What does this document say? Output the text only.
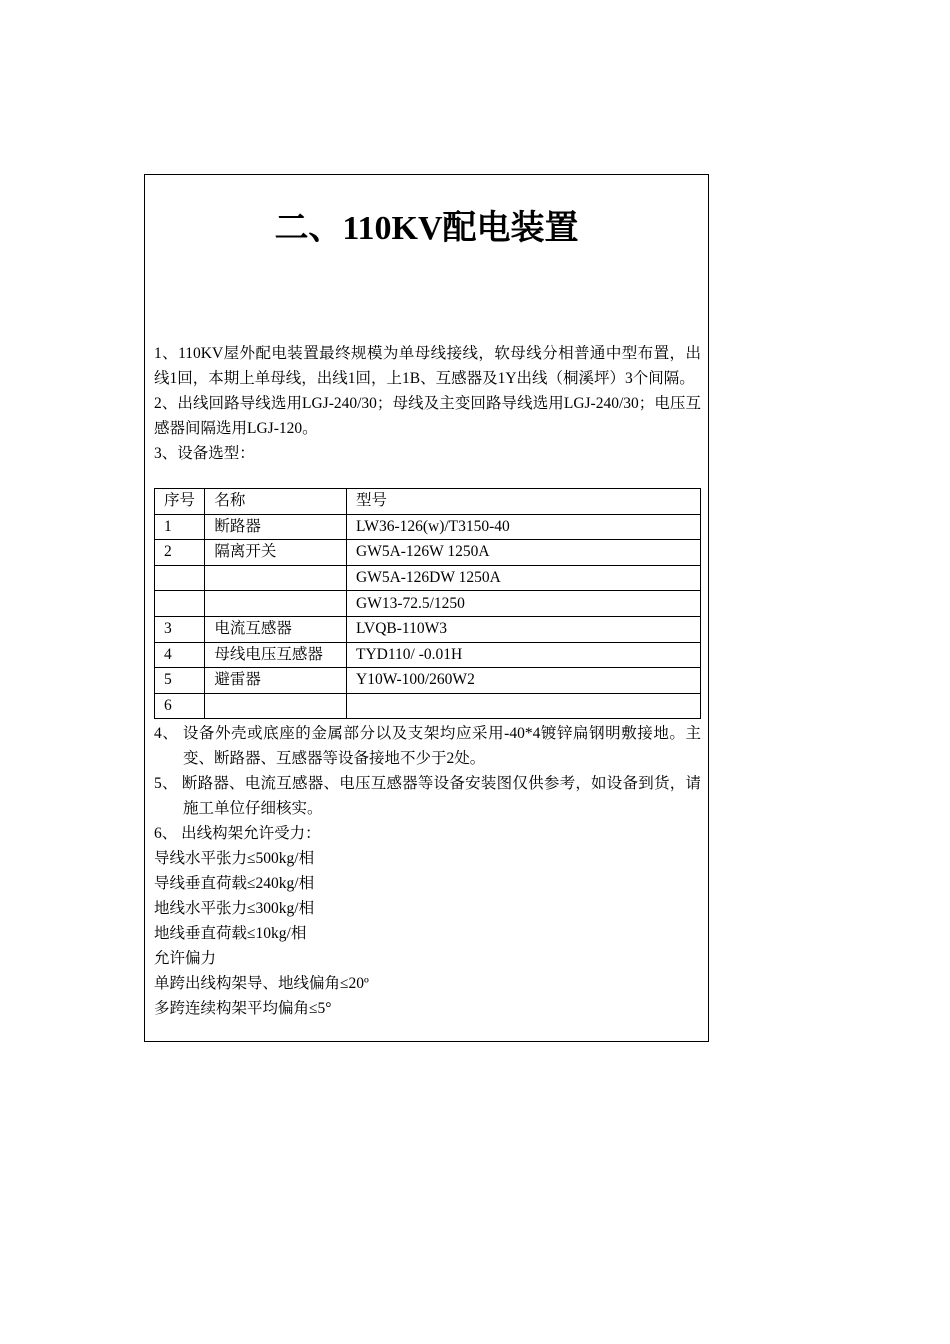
二、110KV配电装置

1、110KV屋外配电装置最终规模为单母线接线，软母线分相普通中型布置，出线1回，本期上单母线，出线1回，上1B、互感器及1Y出线（桐溪坪）3个间隔。

2、出线回路导线选用LGJ-240/30；母线及主变回路导线选用LGJ-240/30；电压互感器间隔选用LGJ-120。

3、设备选型：

序号	名称	型号
1	断路器	LW36-126(w)/T3150-40
2	隔离开关	GW5A-126W 1250A
		GW5A-126DW 1250A
		GW13-72.5/1250
3	电流互感器	LVQB-110W3
4	母线电压互感器	TYD110/ -0.01H
5	避雷器	Y10W-100/260W2
6		

4、 设备外壳或底座的金属部分以及支架均应采用-40*4镀锌扁钢明敷接地。主变、断路器、互感器等设备接地不少于2处。

5、 断路器、电流互感器、电压互感器等设备安装图仅供参考，如设备到货，请施工单位仔细核实。

6、 出线构架允许受力：

导线水平张力≤500kg/相

导线垂直荷载≤240kg/相

地线水平张力≤300kg/相

地线垂直荷载≤10kg/相

允许偏力

单跨出线构架导、地线偏角≤20º

多跨连续构架平均偏角≤5°
